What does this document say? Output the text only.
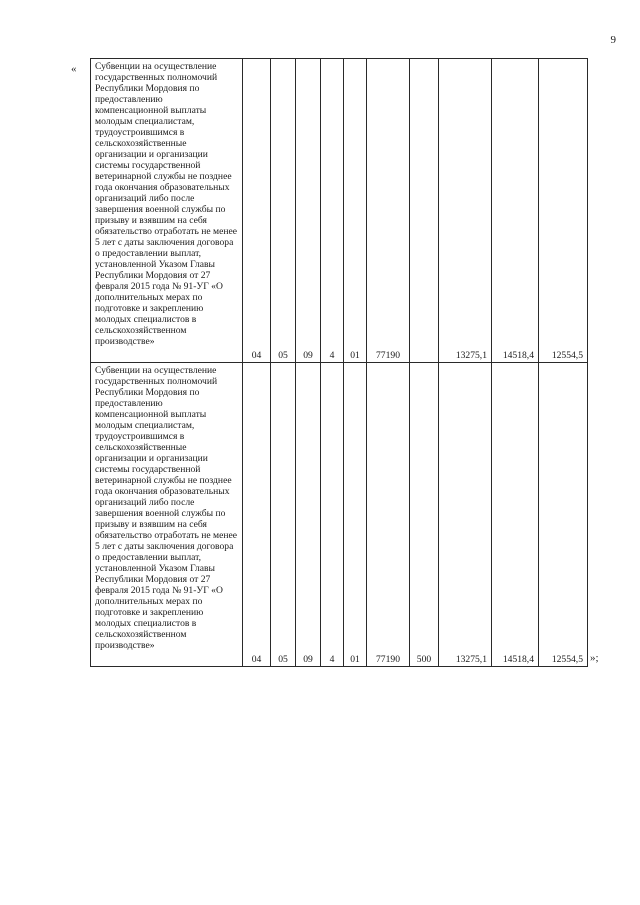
9
« Субвенции на осуществление государственных полномочий Республики Мордовия по предоставлению компенсационной выплаты молодым специалистам, трудоустроившимся в сельскохозяйственные организации и организации системы государственной ветеринарной службы не позднее года окончания образовательных организаций либо после завершения военной службы по призыву и взявшим на себя обязательство отработать не менее 5 лет с даты заключения договора о предоставлении выплат, установленной Указом Главы Республики Мордовия от 27 февраля 2015 года № 91-УГ «О дополнительных мерах по подготовке и закреплению молодых специалистов в сельскохозяйственном производстве»	04	05	09	4	01	77190		13275,1	14518,4	12554,5
Субвенции на осуществление государственных полномочий Республики Мордовия по предоставлению компенсационной выплаты молодым специалистам, трудоустроившимся в сельскохозяйственные организации и организации системы государственной ветеринарной службы не позднее года окончания образовательных организаций либо после завершения военной службы по призыву и взявшим на себя обязательство отработать не менее 5 лет с даты заключения договора о предоставлении выплат, установленной Указом Главы Республики Мордовия от 27 февраля 2015 года № 91-УГ «О дополнительных мерах по подготовке и закреплению молодых специалистов в сельскохозяйственном производстве»	04	05	09	4	01	77190	500	13275,1	14518,4	12554,5 »;
